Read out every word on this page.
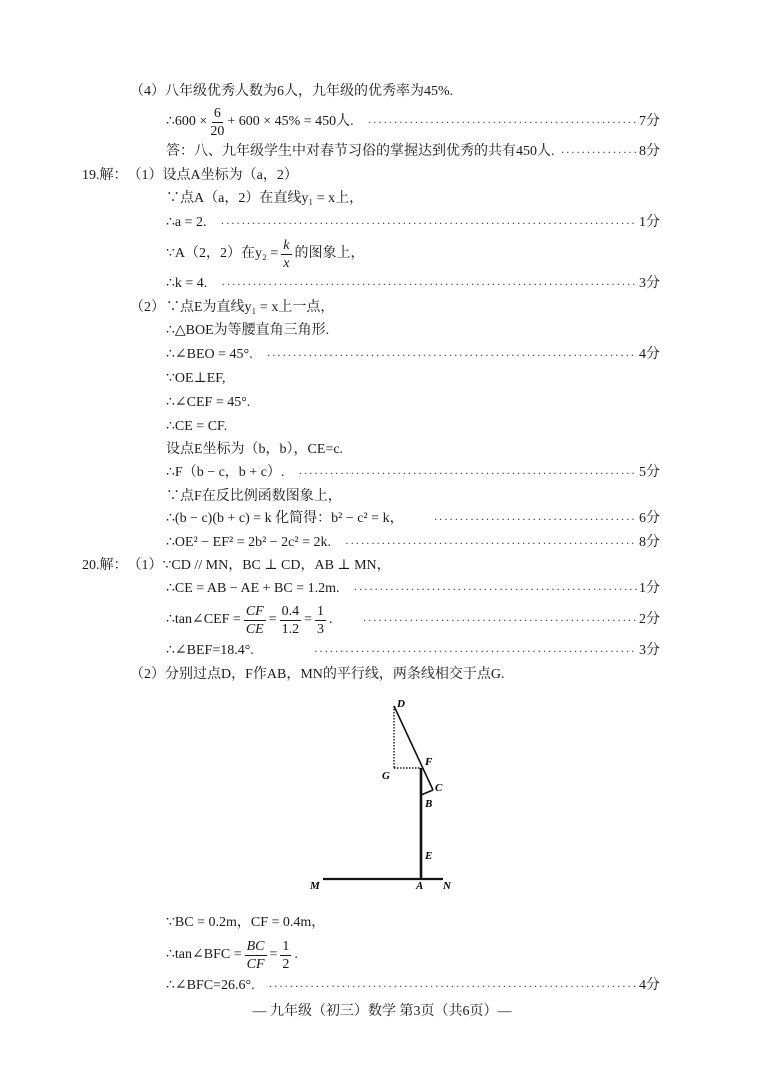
（4） 八年级优秀人数为6人，九年级的优秀率为45%.
∴600 × $\frac{6}{20} + 600 \times 45\% = 450$人. ·····	7分
答：八、九年级学生中对春节习俗的掌握达到优秀的共有450人. ·····	8分
19.解： （1） 设点A坐标为（a，2）
∵点A（a，2）在直线y₁ = x上，
∴a = 2. ·····	1分
∵A（2，2）在$y_2 = \frac{k}{x}$ 的图象上，
∴k = 4. ·····	3分
（2） ∵点E为直线y₁ = x上一点，
∴△BOE为等腰直角三角形.
∴∠BEO = 45°. ·····	4分
∵OE⊥EF,
∴∠CEF = 45°.
∴CE = CF.
设点E坐标为（b，b），CE=c.
∴F（b − c，b + c）. ·····	5分
∵点F在反比例函数图象上，
∴(b − c)(b + c) = k 化简得：b² − c² = k， ·····	6分
∴OE² − EF² = 2b² − 2c² = 2k. ·····	8分
20.解： （1） ∵CD // MN，BC ⊥ CD，AB ⊥ MN，
∴CE = AB − AE + BC = 1.2m. ·····	1分
∴tan∠CEF = $\frac{CF}{CE} = \frac{0.4}{1.2} = \frac{1}{3}$ . ·····	2分
∴∠BEF=18.4°. ·····	3分
（2） 分别过点D，F作AB，MN的平行线，两条线相交于点G.
D
F
G
C
B
E
M	A N
∵BC = 0.2m，CF = 0.4m，
∴tan∠BFC = $\frac{BC}{CF} = \frac{1}{2}$ .
∴∠BFC=26.6°. ·····	4分
— 九年级（初三）数学 第3页（共6页）—
